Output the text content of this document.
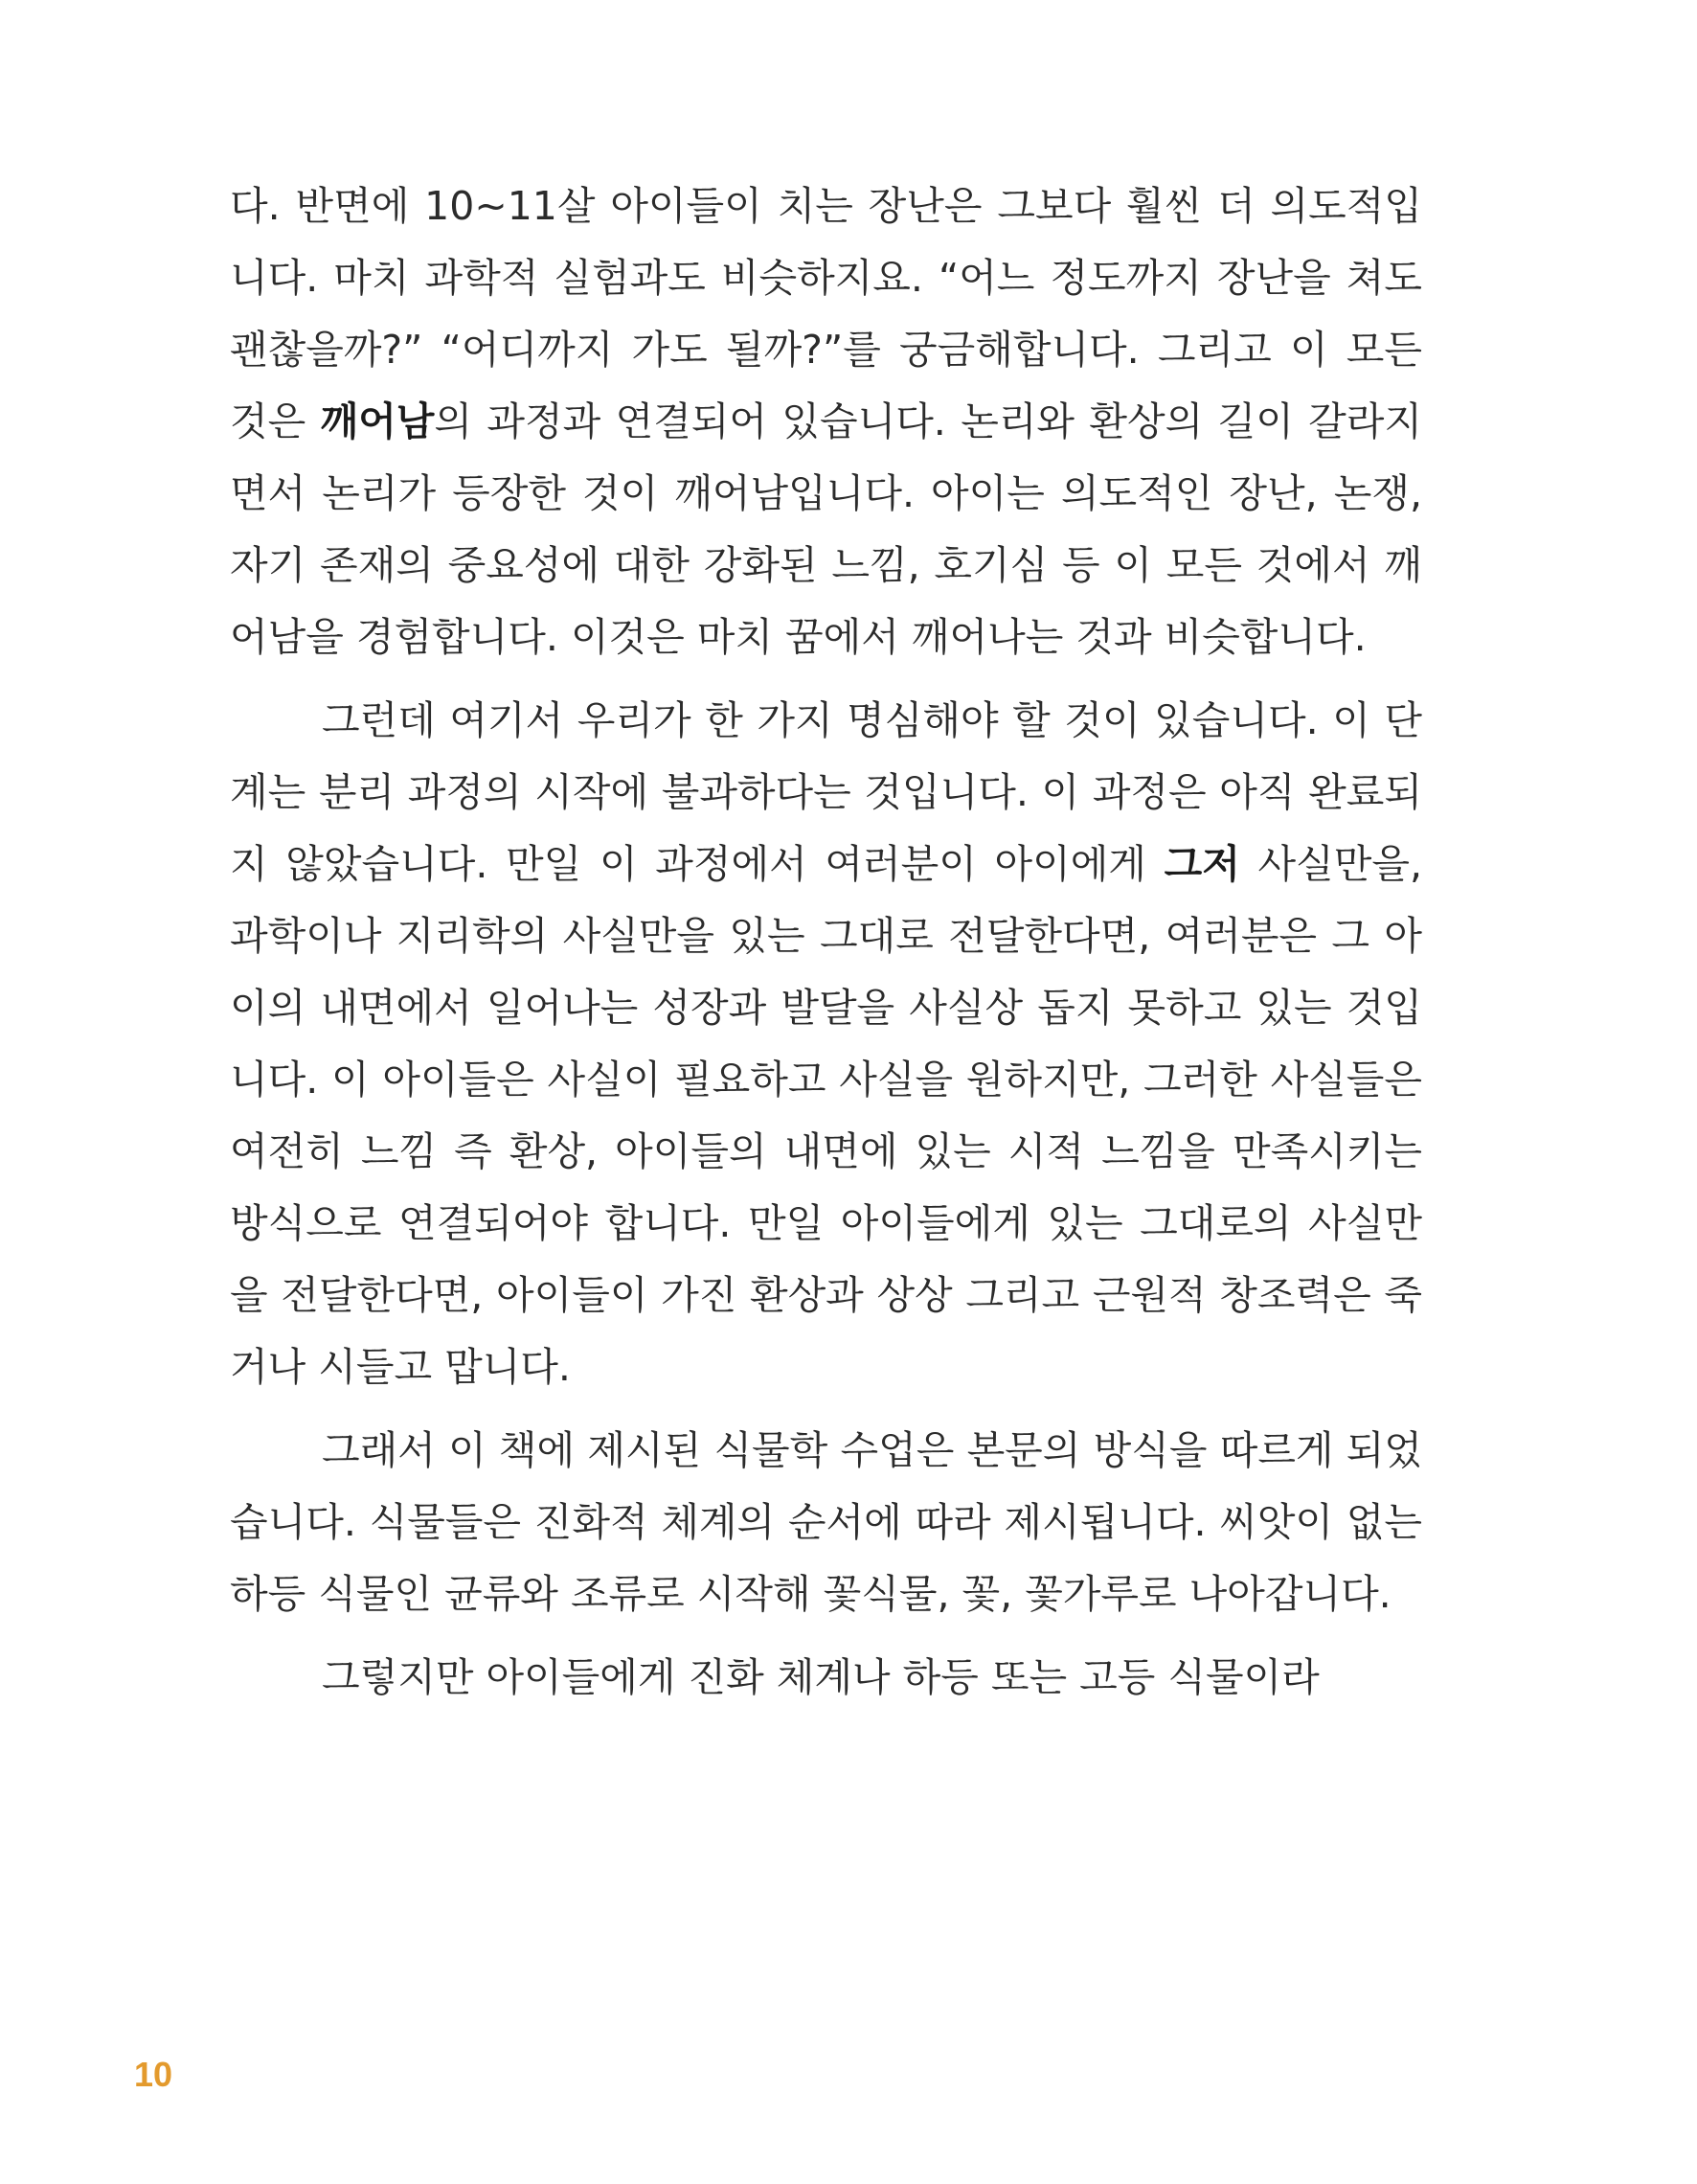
다. 반면에 10~11살 아이들이 치는 장난은 그보다 훨씬 더 의도적입니다. 마치 과학적 실험과도 비슷하지요. “어느 정도까지 장난을 쳐도 괜찮을까?” “어디까지 가도 될까?”를 궁금해합니다. 그리고 이 모든 것은 깨어남의 과정과 연결되어 있습니다. 논리와 환상의 길이 갈라지면서 논리가 등장한 것이 깨어남입니다. 아이는 의도적인 장난, 논쟁, 자기 존재의 중요성에 대한 강화된 느낌, 호기심 등 이 모든 것에서 깨어남을 경험합니다. 이것은 마치 꿈에서 깨어나는 것과 비슷합니다.

그런데 여기서 우리가 한 가지 명심해야 할 것이 있습니다. 이 단계는 분리 과정의 시작에 불과하다는 것입니다. 이 과정은 아직 완료되지 않았습니다. 만일 이 과정에서 여러분이 아이에게 그저 사실만을, 과학이나 지리학의 사실만을 있는 그대로 전달한다면, 여러분은 그 아이의 내면에서 일어나는 성장과 발달을 사실상 돕지 못하고 있는 것입니다. 이 아이들은 사실이 필요하고 사실을 원하지만, 그러한 사실들은 여전히 느낌 즉 환상, 아이들의 내면에 있는 시적 느낌을 만족시키는 방식으로 연결되어야 합니다. 만일 아이들에게 있는 그대로의 사실만을 전달한다면, 아이들이 가진 환상과 상상 그리고 근원적 창조력은 죽거나 시들고 맙니다.

그래서 이 책에 제시된 식물학 수업은 본문의 방식을 따르게 되었습니다. 식물들은 진화적 체계의 순서에 따라 제시됩니다. 씨앗이 없는 하등 식물인 균류와 조류로 시작해 꽃식물, 꽃, 꽃가루로 나아갑니다.

그렇지만 아이들에게 진화 체계나 하등 또는 고등 식물이라

10
